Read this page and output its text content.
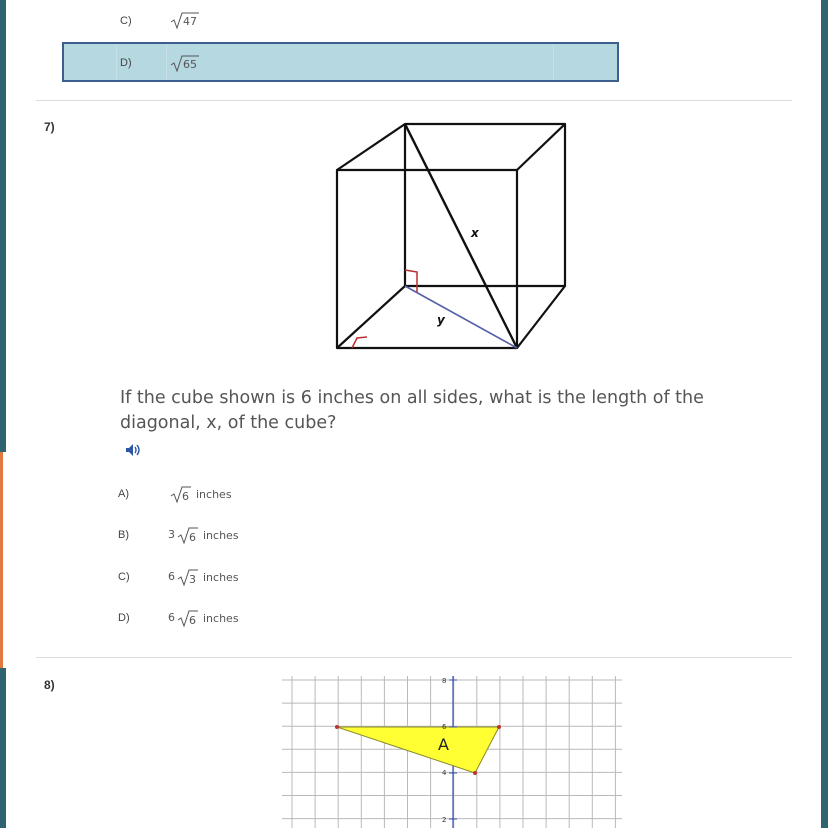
C)	47
D)	65
7)
x
y
If the cube shown is 6 inches on all sides, what is the length of the diagonal, x, of the cube?
A)	6 inches
B)	3 6 inches
C)	6 3 inches
D)	6 6 inches
8)
A
8
6
4
2
